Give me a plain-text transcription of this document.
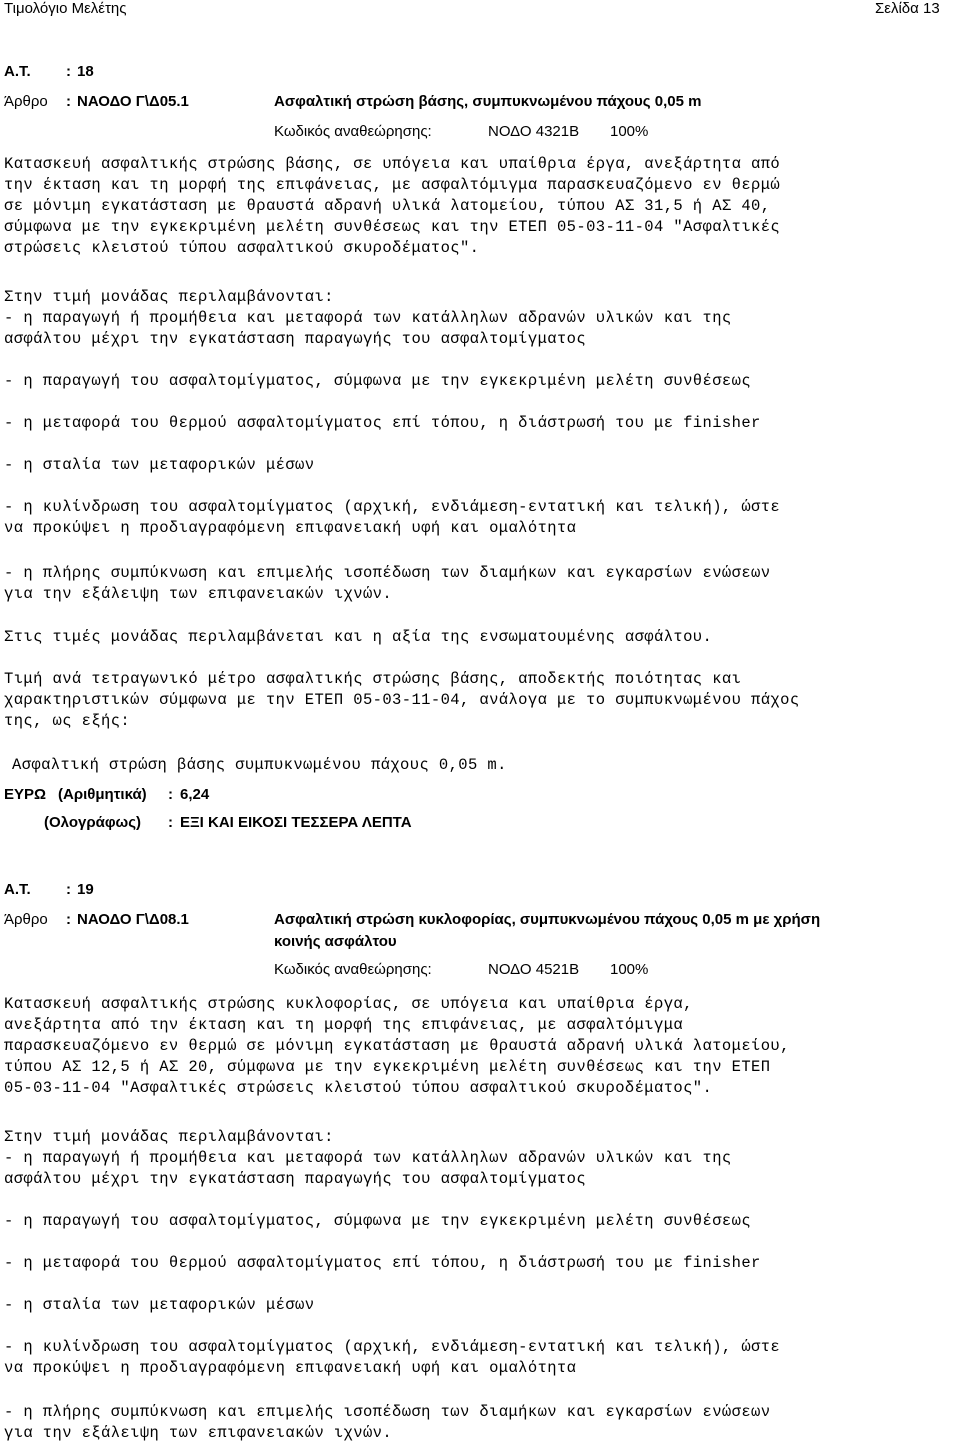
Τιμολόγιο Μελέτης	Σελίδα 13
Α.Τ. : 18
Άρθρο : ΝΑΟΔΟ Γ\Δ05.1	Ασφαλτική στρώση βάσης, συμπυκνωμένου πάχους 0,05 m
Κωδικός αναθεώρησης:	ΝΟΔΟ 4321Β 100%
Κατασκευή ασφαλτικής στρώσης βάσης, σε υπόγεια και υπαίθρια έργα, ανεξάρτητα από
την έκταση και τη μορφή της επιφάνειας, με ασφαλτόμιγμα παρασκευαζόμενο εν θερμώ
σε μόνιμη εγκατάσταση με θραυστά αδρανή υλικά λατομείου, τύπου ΑΣ 31,5 ή ΑΣ 40,
σύμφωνα με την εγκεκριμένη μελέτη συνθέσεως και την ΕΤΕΠ 05-03-11-04 "Ασφαλτικές
στρώσεις κλειστού τύπου ασφαλτικού σκυροδέματος".
Στην τιμή μονάδας περιλαμβάνονται:
- η παραγωγή ή προμήθεια και μεταφορά των κατάλληλων αδρανών υλικών και της
ασφάλτου μέχρι την εγκατάσταση παραγωγής του ασφαλτομίγματος
- η παραγωγή του ασφαλτομίγματος, σύμφωνα με την εγκεκριμένη μελέτη συνθέσεως
- η μεταφορά του θερμού ασφαλτομίγματος επί τόπου, η διάστρωσή του με finisher
- η σταλία των μεταφορικών μέσων
- η κυλίνδρωση του ασφαλτομίγματος (αρχική, ενδιάμεση-εντατική και τελική), ώστε
να προκύψει η προδιαγραφόμενη επιφανειακή υφή και ομαλότητα
- η πλήρης συμπύκνωση και επιμελής ισοπέδωση των διαμήκων και εγκαρσίων ενώσεων
για την εξάλειψη των επιφανειακών ιχνών.
Στις τιμές μονάδας περιλαμβάνεται και η αξία της ενσωματουμένης ασφάλτου.
Τιμή ανά τετραγωνικό μέτρο ασφαλτικής στρώσης βάσης, αποδεκτής ποιότητας και
χαρακτηριστικών σύμφωνα με την ΕΤΕΠ 05-03-11-04, ανάλογα με το συμπυκνωμένου πάχος
της, ως εξής:
Ασφαλτική στρώση βάσης συμπυκνωμένου πάχους 0,05 m.
ΕΥΡΩ (Αριθμητικά) : 6,24
(Ολογράφως) : ΕΞΙ ΚΑΙ ΕΙΚΟΣΙ ΤΕΣΣΕΡΑ ΛΕΠΤΑ
Α.Τ. : 19
Άρθρο : ΝΑΟΔΟ Γ\Δ08.1	Ασφαλτική στρώση κυκλοφορίας, συμπυκνωμένου πάχους 0,05 m με χρήση
κοινής ασφάλτου
Κωδικός αναθεώρησης:	ΝΟΔΟ 4521Β 100%
Κατασκευή ασφαλτικής στρώσης κυκλοφορίας, σε υπόγεια και υπαίθρια έργα,
ανεξάρτητα από την έκταση και τη μορφή της επιφάνειας, με ασφαλτόμιγμα
παρασκευαζόμενο εν θερμώ σε μόνιμη εγκατάσταση με θραυστά αδρανή υλικά λατομείου,
τύπου ΑΣ 12,5 ή ΑΣ 20, σύμφωνα με την εγκεκριμένη μελέτη συνθέσεως και την ΕΤΕΠ
05-03-11-04 "Ασφαλτικές στρώσεις κλειστού τύπου ασφαλτικού σκυροδέματος".
Στην τιμή μονάδας περιλαμβάνονται:
- η παραγωγή ή προμήθεια και μεταφορά των κατάλληλων αδρανών υλικών και της
ασφάλτου μέχρι την εγκατάσταση παραγωγής του ασφαλτομίγματος
- η παραγωγή του ασφαλτομίγματος, σύμφωνα με την εγκεκριμένη μελέτη συνθέσεως
- η μεταφορά του θερμού ασφαλτομίγματος επί τόπου, η διάστρωσή του με finisher
- η σταλία των μεταφορικών μέσων
- η κυλίνδρωση του ασφαλτομίγματος (αρχική, ενδιάμεση-εντατική και τελική), ώστε
να προκύψει η προδιαγραφόμενη επιφανειακή υφή και ομαλότητα
- η πλήρης συμπύκνωση και επιμελής ισοπέδωση των διαμήκων και εγκαρσίων ενώσεων
για την εξάλειψη των επιφανειακών ιχνών.
